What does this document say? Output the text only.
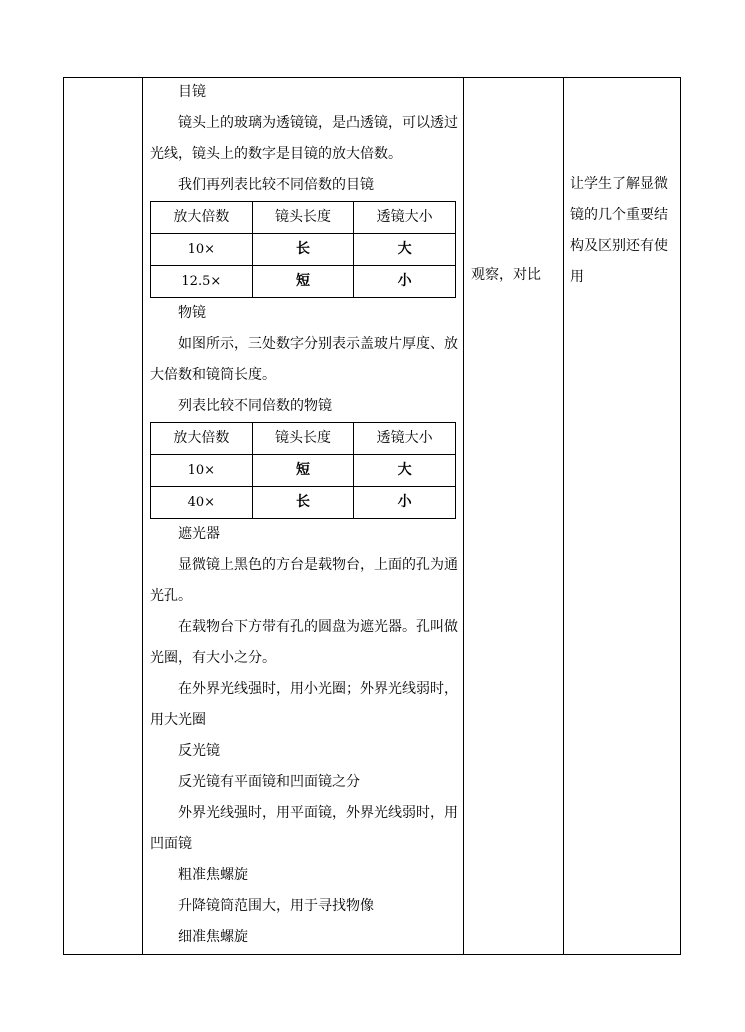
目镜

镜头上的玻璃为透镜镜，是凸透镜，可以透过光线，镜头上的数字是目镜的放大倍数。

我们再列表比较不同倍数的目镜

放大倍数	镜头长度	透镜大小
10×	长	大
12.5×	短	小

物镜

如图所示，三处数字分别表示盖玻片厚度、放大倍数和镜筒长度。

列表比较不同倍数的物镜

放大倍数	镜头长度	透镜大小
10×	短	大
40×	长	小

遮光器

显微镜上黑色的方台是载物台，上面的孔为通光孔。

在载物台下方带有孔的圆盘为遮光器。孔叫做光圈，有大小之分。

在外界光线强时，用小光圈；外界光线弱时，用大光圈

反光镜

反光镜有平面镜和凹面镜之分

外界光线强时，用平面镜，外界光线弱时，用凹面镜

粗准焦螺旋

升降镜筒范围大，用于寻找物像

细准焦螺旋

观察，对比
让学生了解显微镜的几个重要结构及区别还有使用
